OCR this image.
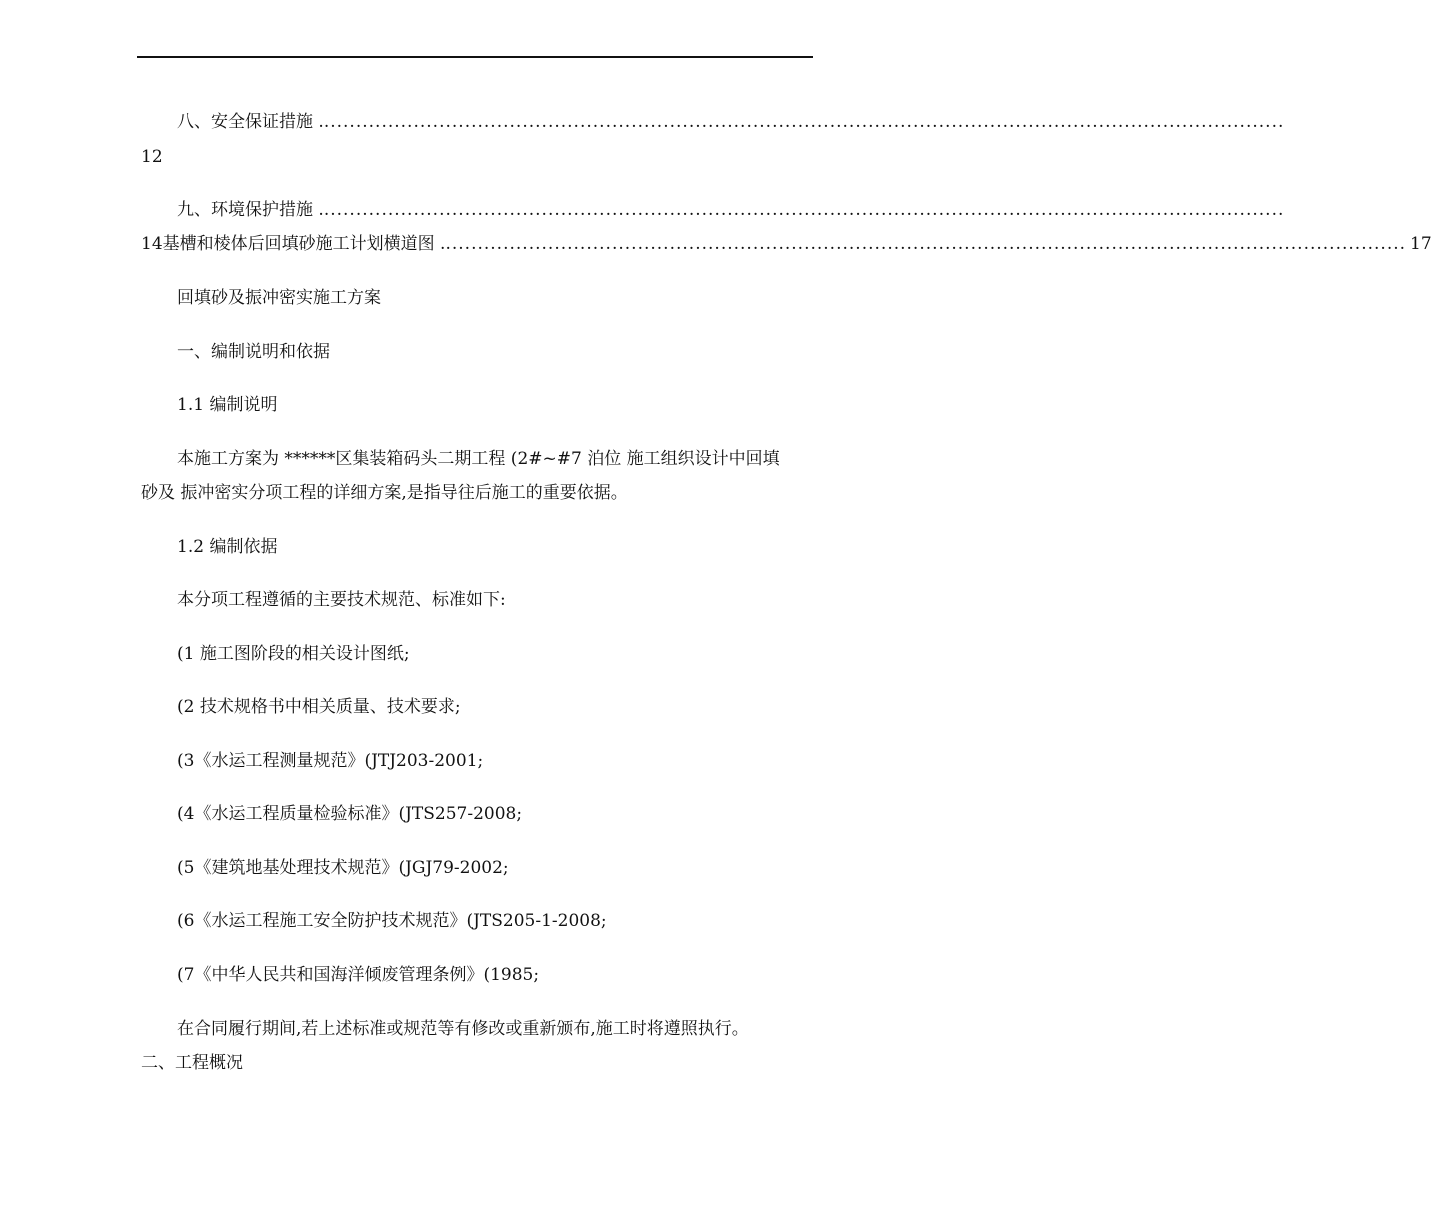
八、安全保证措施 . ......................................................................................................................................................
12
九、环境保护措施 . ......................................................................................................................................................
14 基槽和棱体后回填砂施工计划横道图 . ...................................................................................................................................................... 17
回填砂及振冲密实施工方案
一、编制说明和依据
1.1 编制说明
本施工方案为 ******区集装箱码头二期工程 (2#~#7 泊位 施工组织设计中回填
砂及 振冲密实分项工程的详细方案,是指导往后施工的重要依据。
1.2 编制依据
本分项工程遵循的主要技术规范、标准如下:
(1 施工图阶段的相关设计图纸;
(2 技术规格书中相关质量、技术要求;
(3《水运工程测量规范》(JTJ203-2001;
(4《水运工程质量检验标准》(JTS257-2008;
(5《建筑地基处理技术规范》(JGJ79-2002;
(6《水运工程施工安全防护技术规范》(JTS205-1-2008;
(7《中华人民共和国海洋倾废管理条例》(1985;
在合同履行期间,若上述标准或规范等有修改或重新颁布,施工时将遵照执行。
二、工程概况
